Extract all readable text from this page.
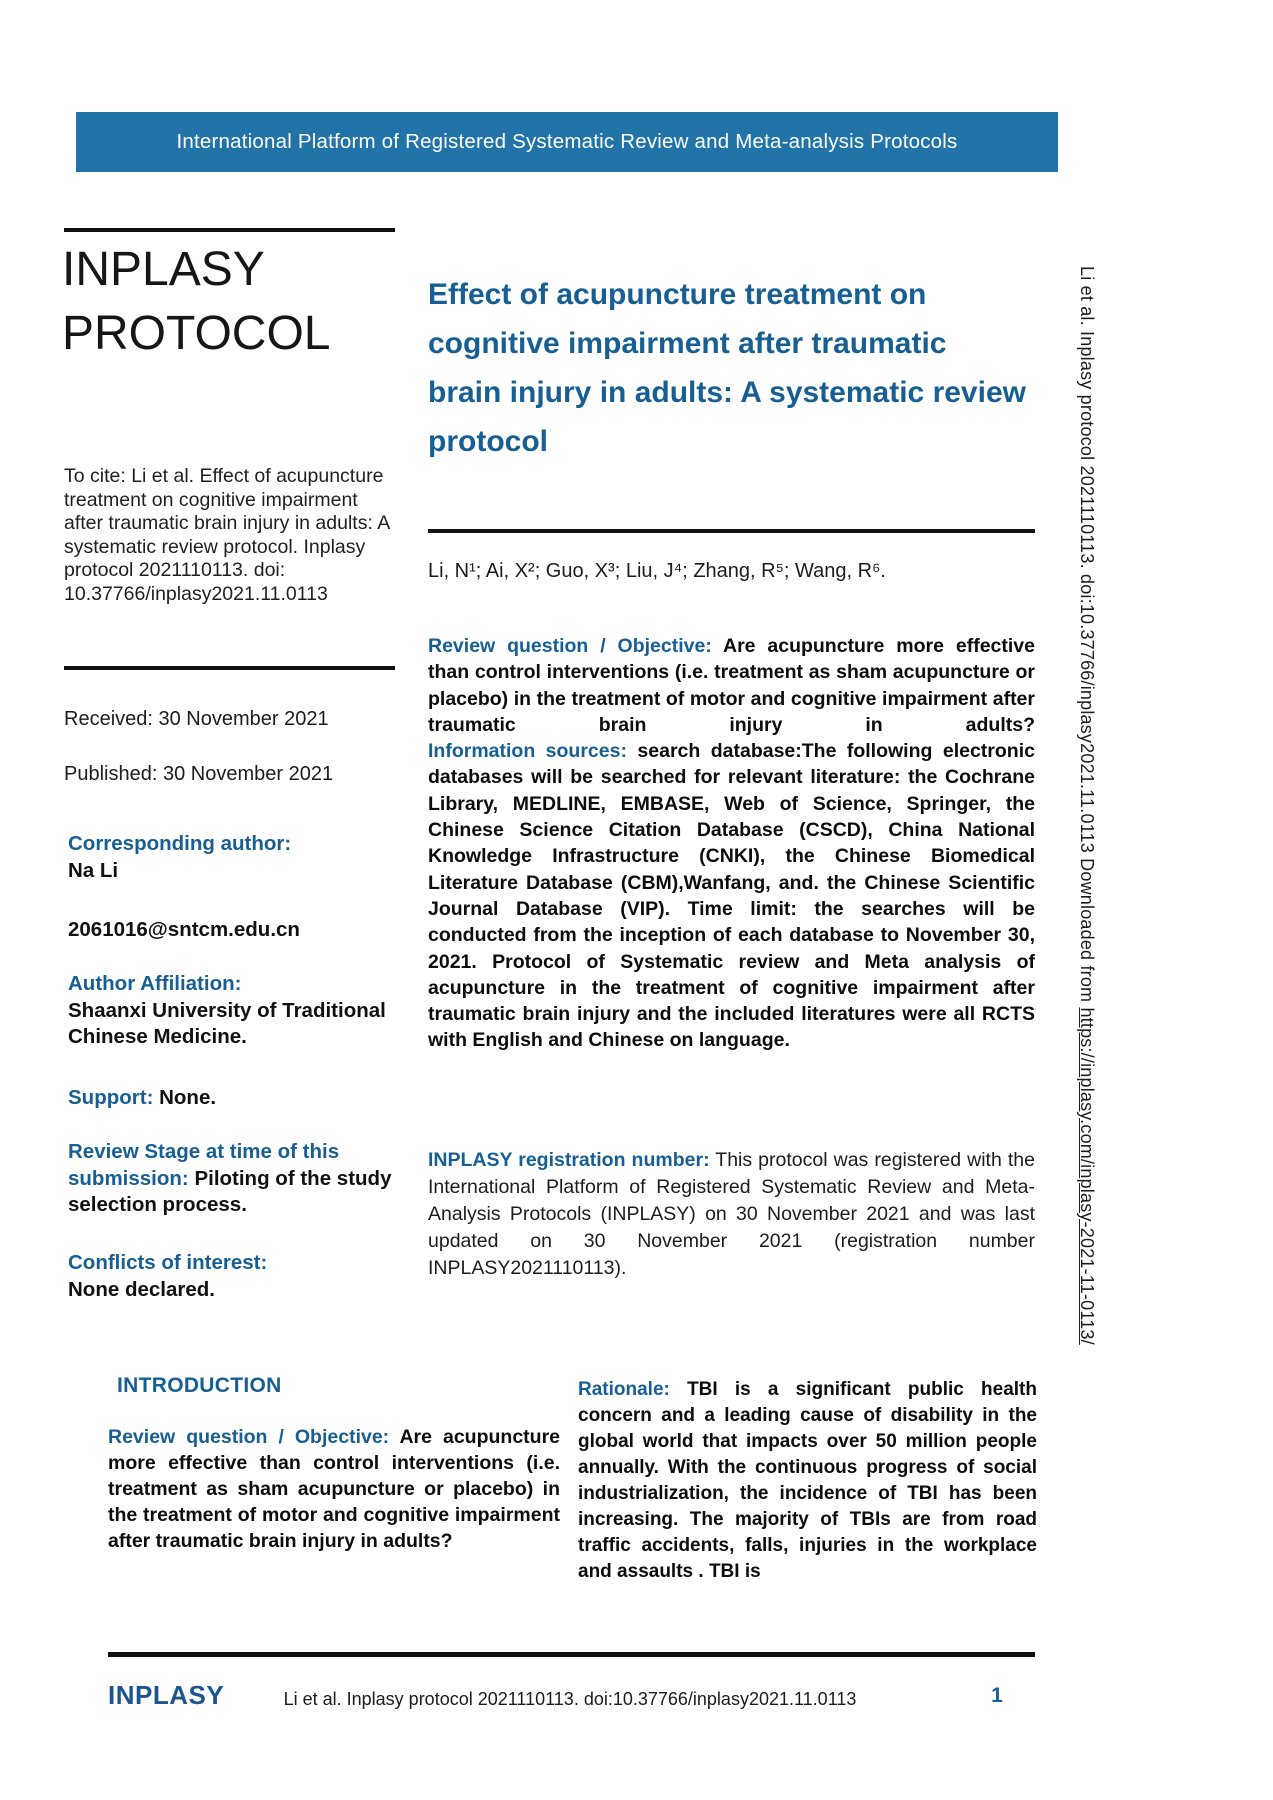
International Platform of Registered Systematic Review and Meta-analysis Protocols
INPLASY
PROTOCOL
To cite: Li et al. Effect of acupuncture treatment on cognitive impairment after traumatic brain injury in adults: A systematic review protocol. Inplasy protocol 2021110113. doi: 10.37766/inplasy2021.11.0113
Received: 30 November 2021
Published: 30 November 2021
Corresponding author:
Na Li
2061016@sntcm.edu.cn
Author Affiliation:
Shaanxi University of Traditional Chinese Medicine.
Support: None.
Review Stage at time of this submission: Piloting of the study selection process.
Conflicts of interest:
None declared.
Effect of acupuncture treatment on cognitive impairment after traumatic brain injury in adults: A systematic review protocol
Li, N¹; Ai, X²; Guo, X³; Liu, J⁴; Zhang, R⁵; Wang, R⁶.

Review question / Objective: Are acupuncture more effective than control interventions (i.e. treatment as sham acupuncture or placebo) in the treatment of motor and cognitive impairment after traumatic brain injury in adults?

Information sources: search database:The following electronic databases will be searched for relevant literature: the Cochrane Library, MEDLINE, EMBASE, Web of Science, Springer, the Chinese Science Citation Database (CSCD), China National Knowledge Infrastructure (CNKI), the Chinese Biomedical Literature Database (CBM),Wanfang, and. the Chinese Scientific Journal Database (VIP). Time limit: the searches will be conducted from the inception of each database to November 30, 2021. Protocol of Systematic review and Meta analysis of acupuncture in the treatment of cognitive impairment after traumatic brain injury and the included literatures were all RCTS with English and Chinese on language.

INPLASY registration number: This protocol was registered with the International Platform of Registered Systematic Review and Meta-Analysis Protocols (INPLASY) on 30 November 2021 and was last updated on 30 November 2021 (registration number INPLASY2021110113).
INTRODUCTION
Review question / Objective: Are acupuncture more effective than control interventions (i.e. treatment as sham acupuncture or placebo) in the treatment of motor and cognitive impairment after traumatic brain injury in adults?
Rationale: TBI is a significant public health concern and a leading cause of disability in the global world that impacts over 50 million people annually. With the continuous progress of social industrialization, the incidence of TBI has been increasing. The majority of TBIs are from road traffic accidents, falls, injuries in the workplace and assaults . TBI is
INPLASY	Li et al. Inplasy protocol 2021110113. doi:10.37766/inplasy2021.11.0113	1
Li et al. Inplasy protocol 2021110113. doi:10.37766/inplasy2021.11.0113 Downloaded from https://inplasy.com/inplasy-2021-11-0113/
